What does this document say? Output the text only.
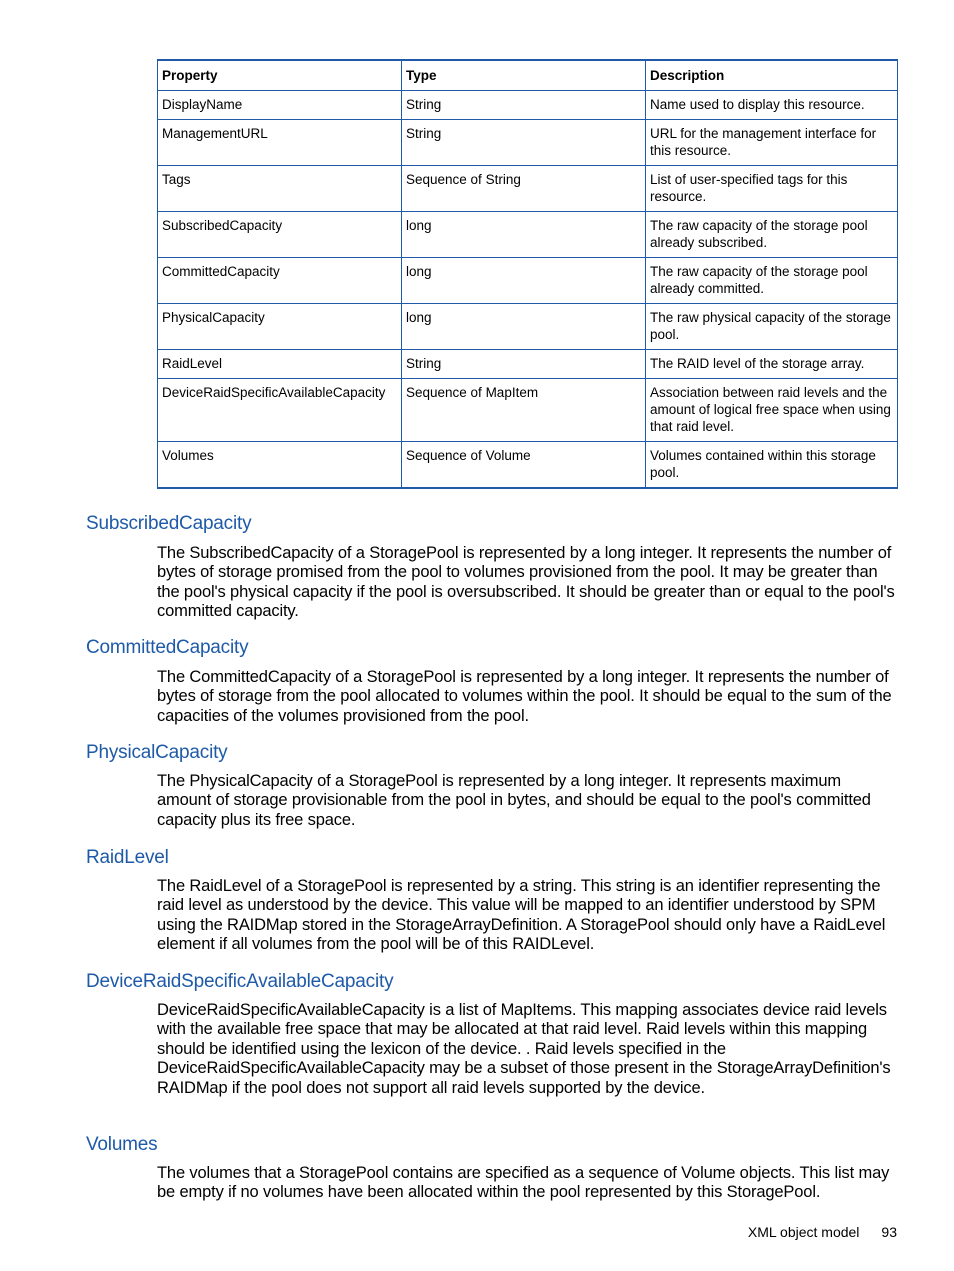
Property	Type	Description
DisplayName	String	Name used to display this resource.
ManagementURL	String	URL for the management interface for this resource.
Tags	Sequence of String	List of user-specified tags for this resource.
SubscribedCapacity	long	The raw capacity of the storage pool already subscribed.
CommittedCapacity	long	The raw capacity of the storage pool already committed.
PhysicalCapacity	long	The raw physical capacity of the storage pool.
RaidLevel	String	The RAID level of the storage array.
DeviceRaidSpecificAvailableCapacity	Sequence of MapItem	Association between raid levels and the amount of logical free space when using that raid level.
Volumes	Sequence of Volume	Volumes contained within this storage pool.
SubscribedCapacity

The SubscribedCapacity of a StoragePool is represented by a long integer. It represents the number of bytes of storage promised from the pool to volumes provisioned from the pool. It may be greater than the pool's physical capacity if the pool is oversubscribed. It should be greater than or equal to the pool's committed capacity.

CommittedCapacity

The CommittedCapacity of a StoragePool is represented by a long integer. It represents the number of bytes of storage from the pool allocated to volumes within the pool. It should be equal to the sum of the capacities of the volumes provisioned from the pool.

PhysicalCapacity

The PhysicalCapacity of a StoragePool is represented by a long integer. It represents maximum amount of storage provisionable from the pool in bytes, and should be equal to the pool's committed capacity plus its free space.

RaidLevel

The RaidLevel of a StoragePool is represented by a string. This string is an identifier representing the raid level as understood by the device. This value will be mapped to an identifier understood by SPM using the RAIDMap stored in the StorageArrayDefinition. A StoragePool should only have a RaidLevel element if all volumes from the pool will be of this RAIDLevel.

DeviceRaidSpecificAvailableCapacity

DeviceRaidSpecificAvailableCapacity is a list of MapItems. This mapping associates device raid levels with the available free space that may be allocated at that raid level. Raid levels within this mapping should be identified using the lexicon of the device. . Raid levels specified in the DeviceRaidSpecificAvailableCapacity may be a subset of those present in the StorageArrayDefinition's RAIDMap if the pool does not support all raid levels supported by the device.

Volumes

The volumes that a StoragePool contains are specified as a sequence of Volume objects. This list may be empty if no volumes have been allocated within the pool represented by this StoragePool.

XML object model 93
